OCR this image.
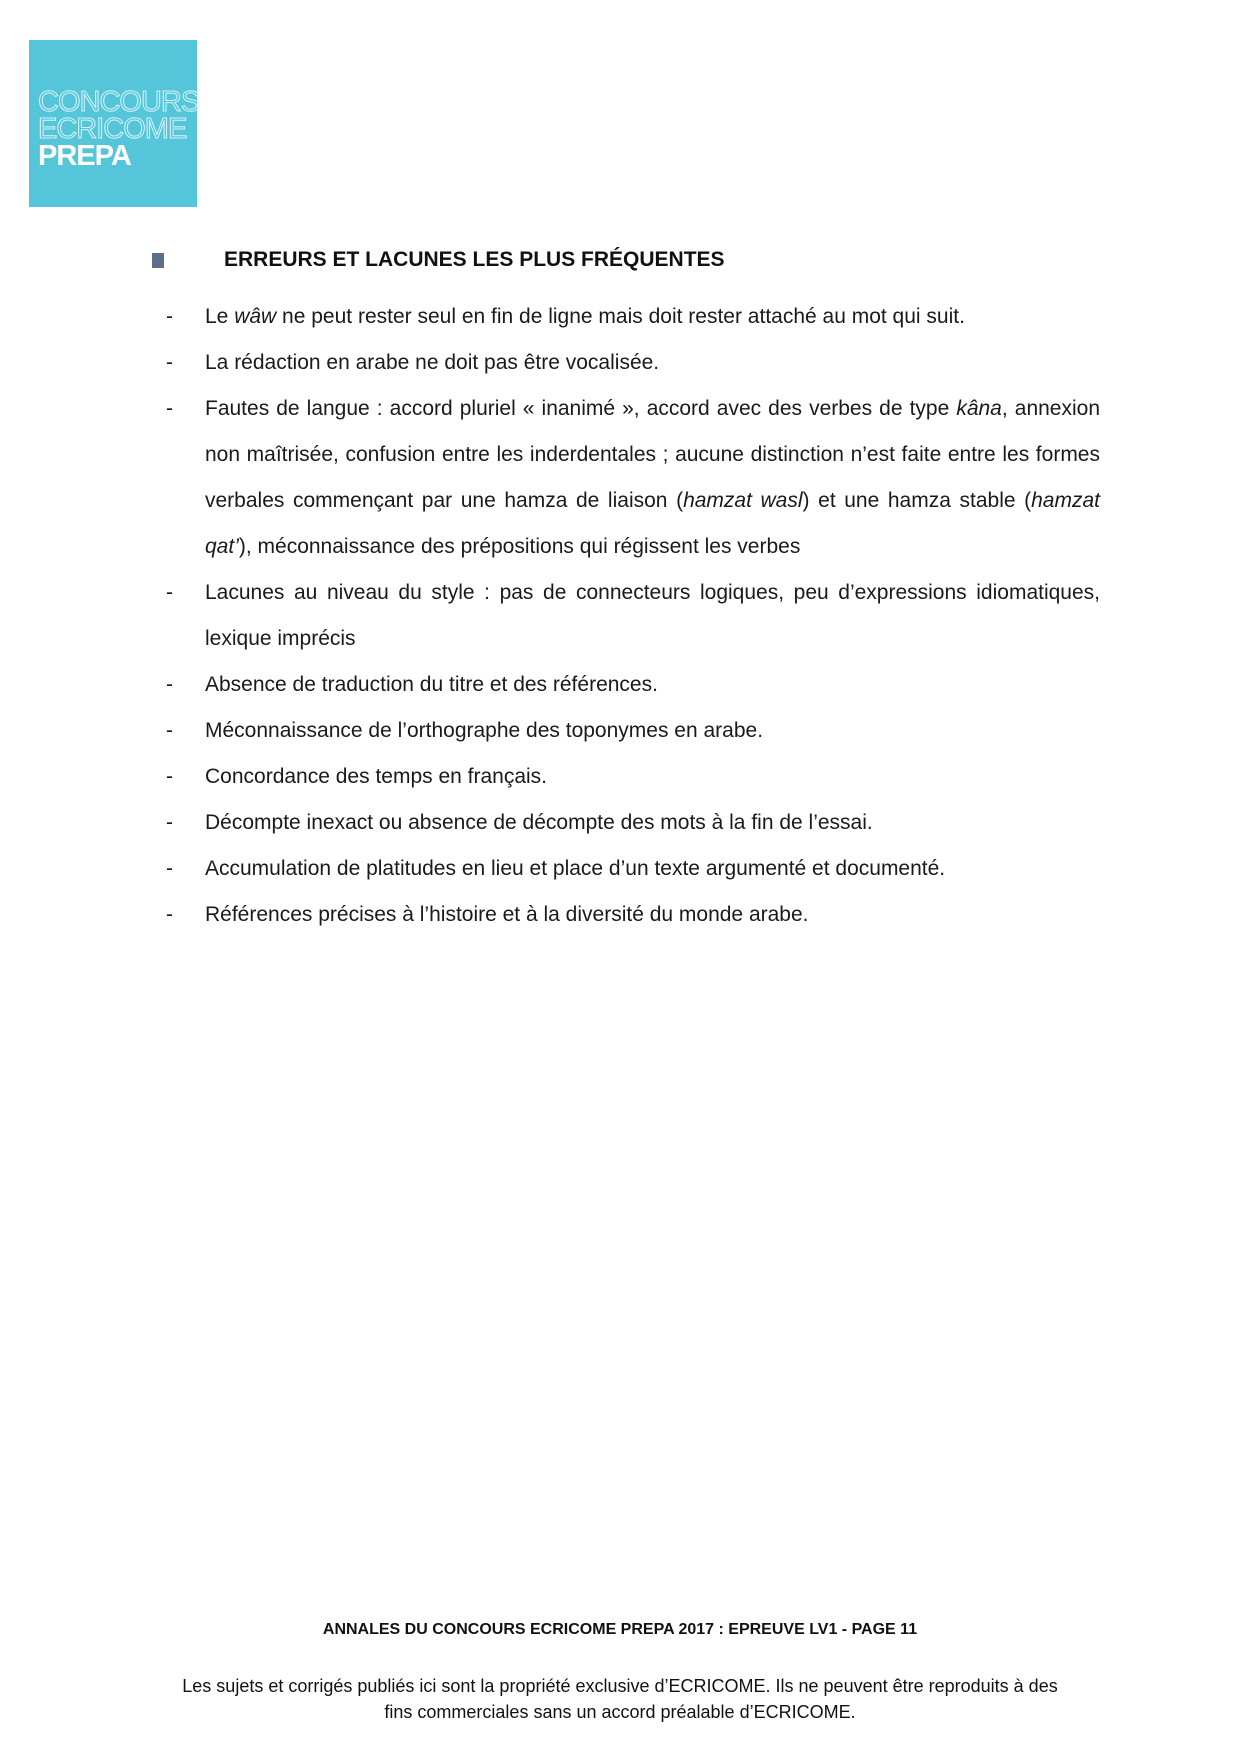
CONCOURS
ECRICOME
PREPA
ERREURS ET LACUNES LES PLUS FRÉQUENTES
-	Le wâw ne peut rester seul en fin de ligne mais doit rester attaché au mot qui suit.
-	La rédaction en arabe ne doit pas être vocalisée.
-	Fautes de langue : accord pluriel « inanimé », accord avec des verbes de type kâna, annexion non maîtrisée, confusion entre les inderdentales ; aucune distinction n’est faite entre les formes verbales commençant par une hamza de liaison (hamzat wasl) et une hamza stable (hamzat qat’), méconnaissance des prépositions qui régissent les verbes
-	Lacunes au niveau du style : pas de connecteurs logiques, peu d’expressions idiomatiques, lexique imprécis
-	Absence de traduction du titre et des références.
-	Méconnaissance de l’orthographe des toponymes en arabe.
-	Concordance des temps en français.
-	Décompte inexact ou absence de décompte des mots à la fin de l’essai.
-	Accumulation de platitudes en lieu et place d’un texte argumenté et documenté.
-	Références précises à l’histoire et à la diversité du monde arabe.
ANNALES DU CONCOURS ECRICOME PREPA 2017 : EPREUVE LV1 - PAGE 11
Les sujets et corrigés publiés ici sont la propriété exclusive d’ECRICOME. Ils ne peuvent être reproduits à des
fins commerciales sans un accord préalable d’ECRICOME.
